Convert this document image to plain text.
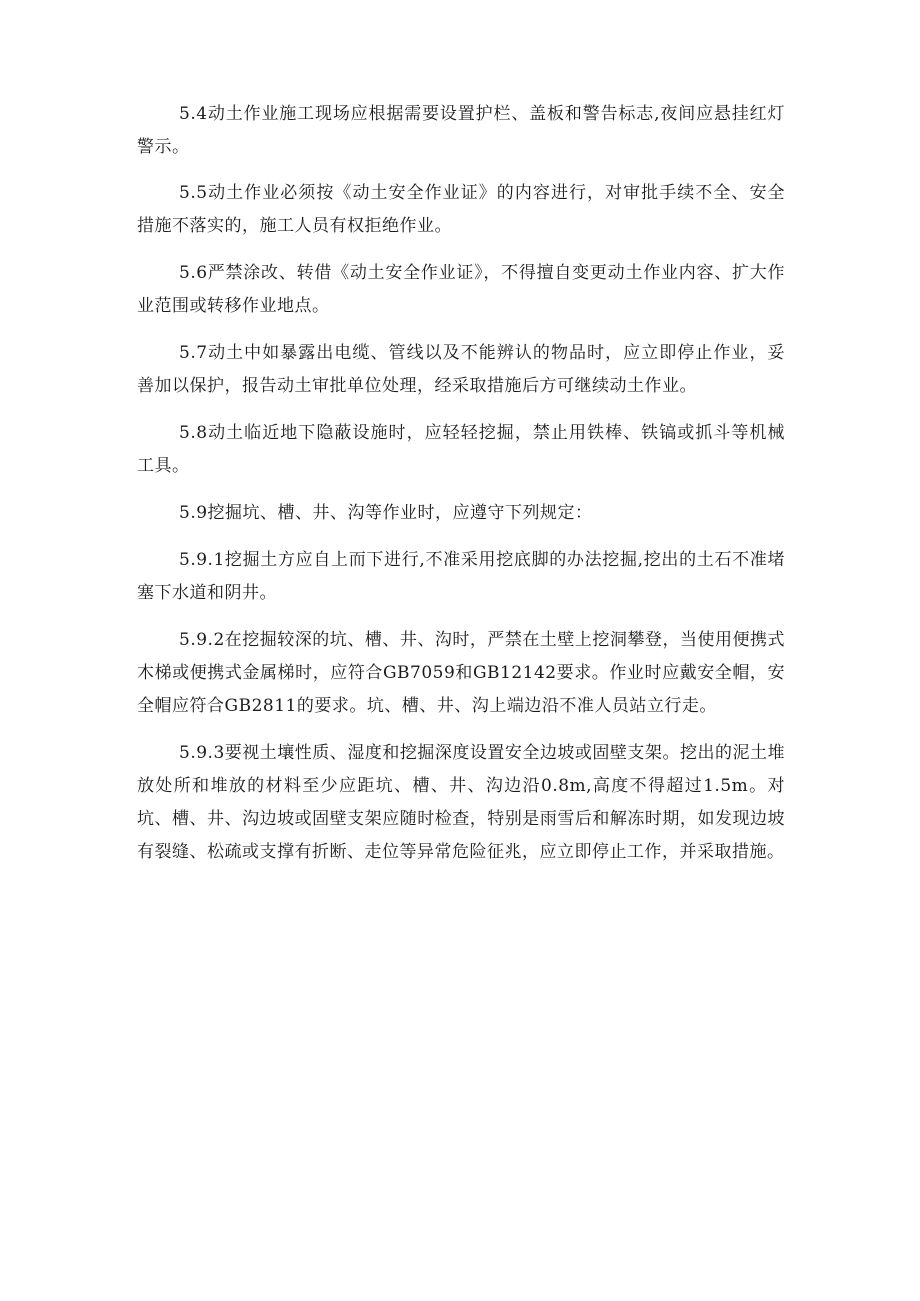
5.4动土作业施工现场应根据需要设置护栏、盖板和警告标志,夜间应悬挂红灯警示。

5.5动土作业必须按《动土安全作业证》的内容进行，对审批手续不全、安全措施不落实的，施工人员有权拒绝作业。

5.6严禁涂改、转借《动土安全作业证》，不得擅自变更动土作业内容、扩大作业范围或转移作业地点。

5.7动土中如暴露出电缆、管线以及不能辨认的物品时，应立即停止作业，妥善加以保护，报告动土审批单位处理，经采取措施后方可继续动土作业。

5.8动土临近地下隐蔽设施时，应轻轻挖掘，禁止用铁棒、铁镐或抓斗等机械工具。

5.9挖掘坑、槽、井、沟等作业时，应遵守下列规定：

5.9.1挖掘土方应自上而下进行,不准采用挖底脚的办法挖掘,挖出的土石不准堵塞下水道和阴井。

5.9.2在挖掘较深的坑、槽、井、沟时，严禁在土壁上挖洞攀登，当使用便携式木梯或便携式金属梯时，应符合GB7059和GB12142要求。作业时应戴安全帽，安全帽应符合GB2811的要求。坑、槽、井、沟上端边沿不准人员站立行走。

5.9.3要视土壤性质、湿度和挖掘深度设置安全边坡或固壁支架。挖出的泥土堆放处所和堆放的材料至少应距坑、槽、井、沟边沿0.8m,高度不得超过1.5m。对坑、槽、井、沟边坡或固壁支架应随时检查，特别是雨雪后和解冻时期，如发现边坡有裂缝、松疏或支撑有折断、走位等异常危险征兆，应立即停止工作，并采取措施。
